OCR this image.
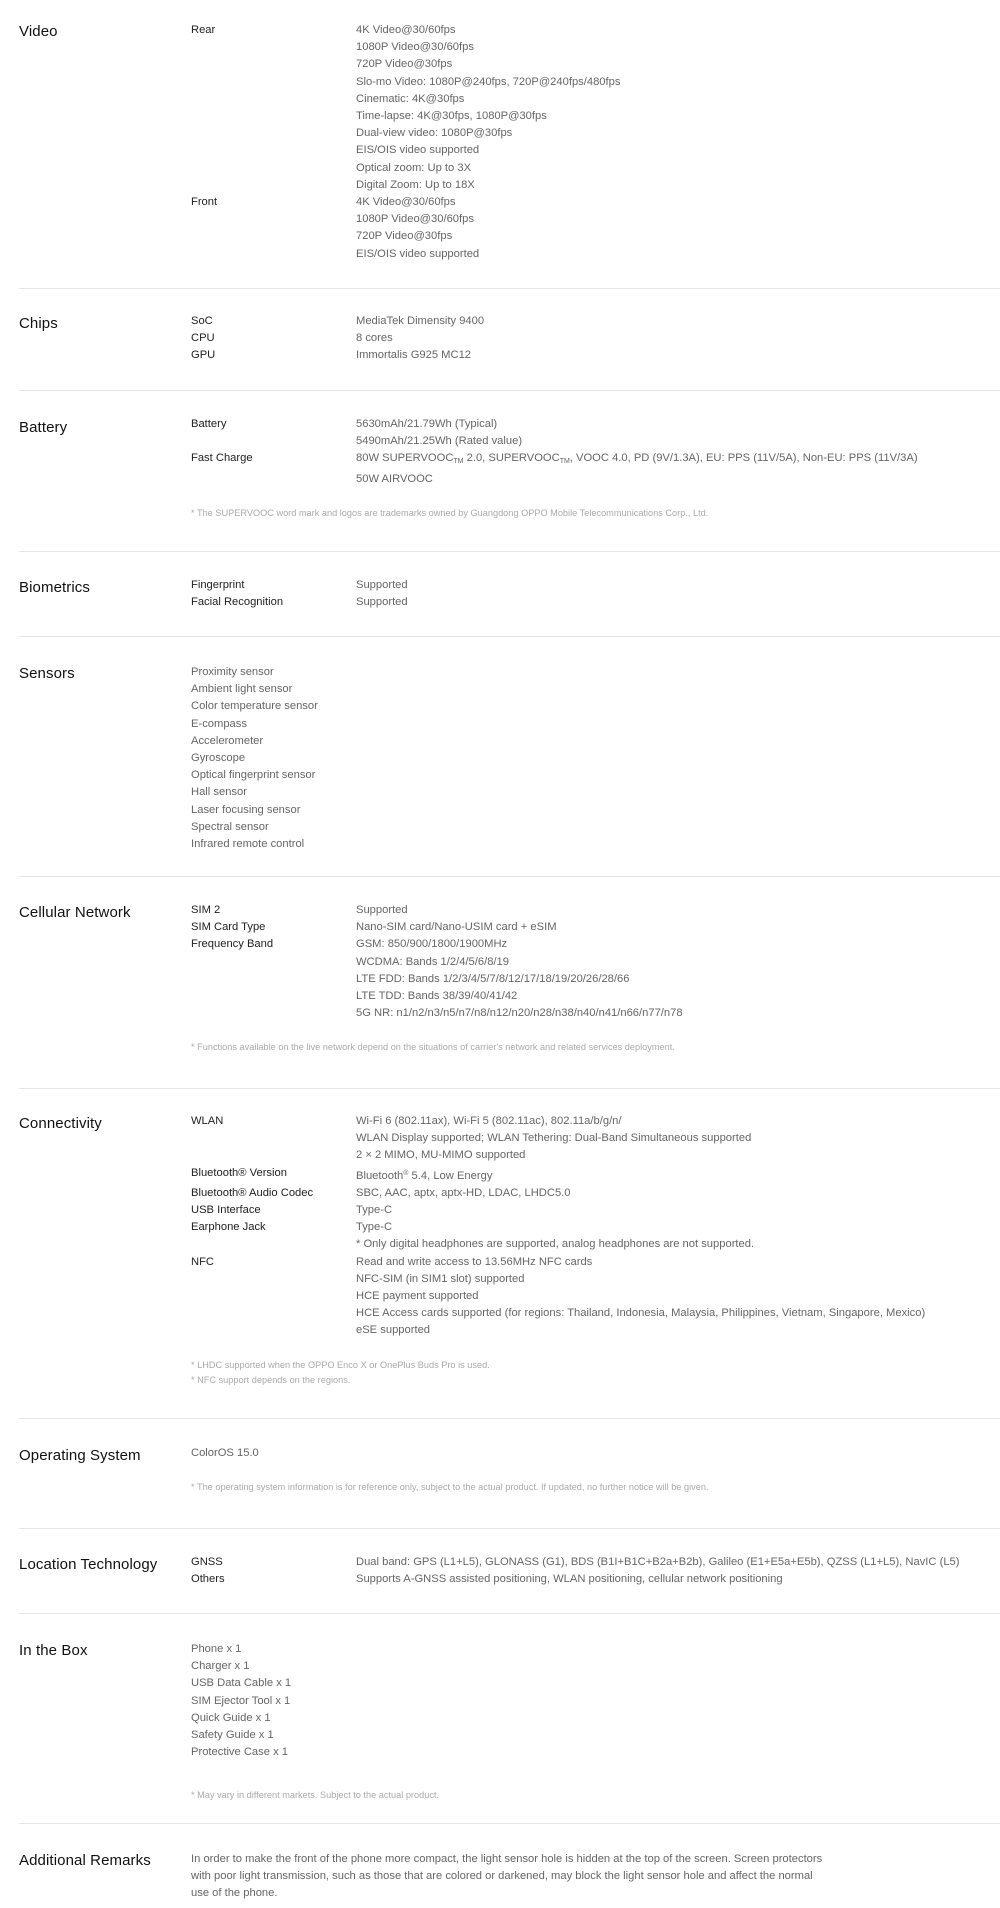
Video	Rear	4K Video@30/60fps
1080P Video@30/60fps
720P Video@30fps
Slo-mo Video: 1080P@240fps, 720P@240fps/480fps
Cinematic: 4K@30fps
Time-lapse: 4K@30fps, 1080P@30fps
Dual-view video: 1080P@30fps
EIS/OIS video supported
Optical zoom: Up to 3X
Digital Zoom: Up to 18X
Front	4K Video@30/60fps
1080P Video@30/60fps
720P Video@30fps
EIS/OIS video supported
Chips	SoC	MediaTek Dimensity 9400
CPU	8 cores
GPU	Immortalis G925 MC12
Battery	Battery	5630mAh/21.79Wh (Typical)
5490mAh/21.25Wh (Rated value)
Fast Charge	80W $SUPERVOOC_{TM}$ 2.0, $SUPERVOOC_{TM}$, VOOC 4.0, PD (9V/1.3A), EU: PPS (11V/5A), Non-EU: PPS (11V/3A)
50W AIRVOOC
* The SUPERVOOC word mark and logos are trademarks owned by Guangdong OPPO Mobile Telecommunications Corp., Ltd.
Biometrics	Fingerprint	Supported
Facial Recognition	Supported
Sensors	Proximity sensor
Ambient light sensor
Color temperature sensor
E-compass
Accelerometer
Gyroscope
Optical fingerprint sensor
Hall sensor
Laser focusing sensor
Spectral sensor
Infrared remote control
Cellular Network	SIM 2	Supported
SIM Card Type	Nano-SIM card/Nano-USIM card + eSIM
Frequency Band	GSM: 850/900/1800/1900MHz
WCDMA: Bands 1/2/4/5/6/8/19
LTE FDD: Bands 1/2/3/4/5/7/8/12/17/18/19/20/26/28/66
LTE TDD: Bands 38/39/40/41/42
5G NR: n1/n2/n3/n5/n7/n8/n12/n20/n28/n38/n40/n41/n66/n77/n78
* Functions available on the live network depend on the situations of carrier's network and related services deployment.
Connectivity	WLAN	Wi-Fi 6 (802.11ax), Wi-Fi 5 (802.11ac), 802.11a/b/g/n/
WLAN Display supported; WLAN Tethering: Dual-Band Simultaneous supported
2 × 2 MIMO, MU-MIMO supported
Bluetooth® Version	Bluetooth® 5.4, Low Energy
Bluetooth® Audio Codec	SBC, AAC, aptx, aptx-HD, LDAC, LHDC5.0
USB Interface	Type-C
Earphone Jack	Type-C
* Only digital headphones are supported, analog headphones are not supported.
NFC	Read and write access to 13.56MHz NFC cards
NFC-SIM (in SIM1 slot) supported
HCE payment supported
HCE Access cards supported (for regions: Thailand, Indonesia, Malaysia, Philippines, Vietnam, Singapore, Mexico)
eSE supported
* LHDC supported when the OPPO Enco X or OnePlus Buds Pro is used.
* NFC support depends on the regions.
Operating System	ColorOS 15.0
* The operating system information is for reference only, subject to the actual product. If updated, no further notice will be given.
Location Technology	GNSS	Dual band: GPS (L1+L5), GLONASS (G1), BDS (B1I+B1C+B2a+B2b), Galileo (E1+E5a+E5b), QZSS (L1+L5), NavIC (L5)
Others	Supports A-GNSS assisted positioning, WLAN positioning, cellular network positioning
In the Box	Phone x 1
Charger x 1
USB Data Cable x 1
SIM Ejector Tool x 1
Quick Guide x 1
Safety Guide x 1
Protective Case x 1
* May vary in different markets. Subject to the actual product.
Additional Remarks	In order to make the front of the phone more compact, the light sensor hole is hidden at the top of the screen. Screen protectors with poor light transmission, such as those that are colored or darkened, may block the light sensor hole and affect the normal use of the phone.
